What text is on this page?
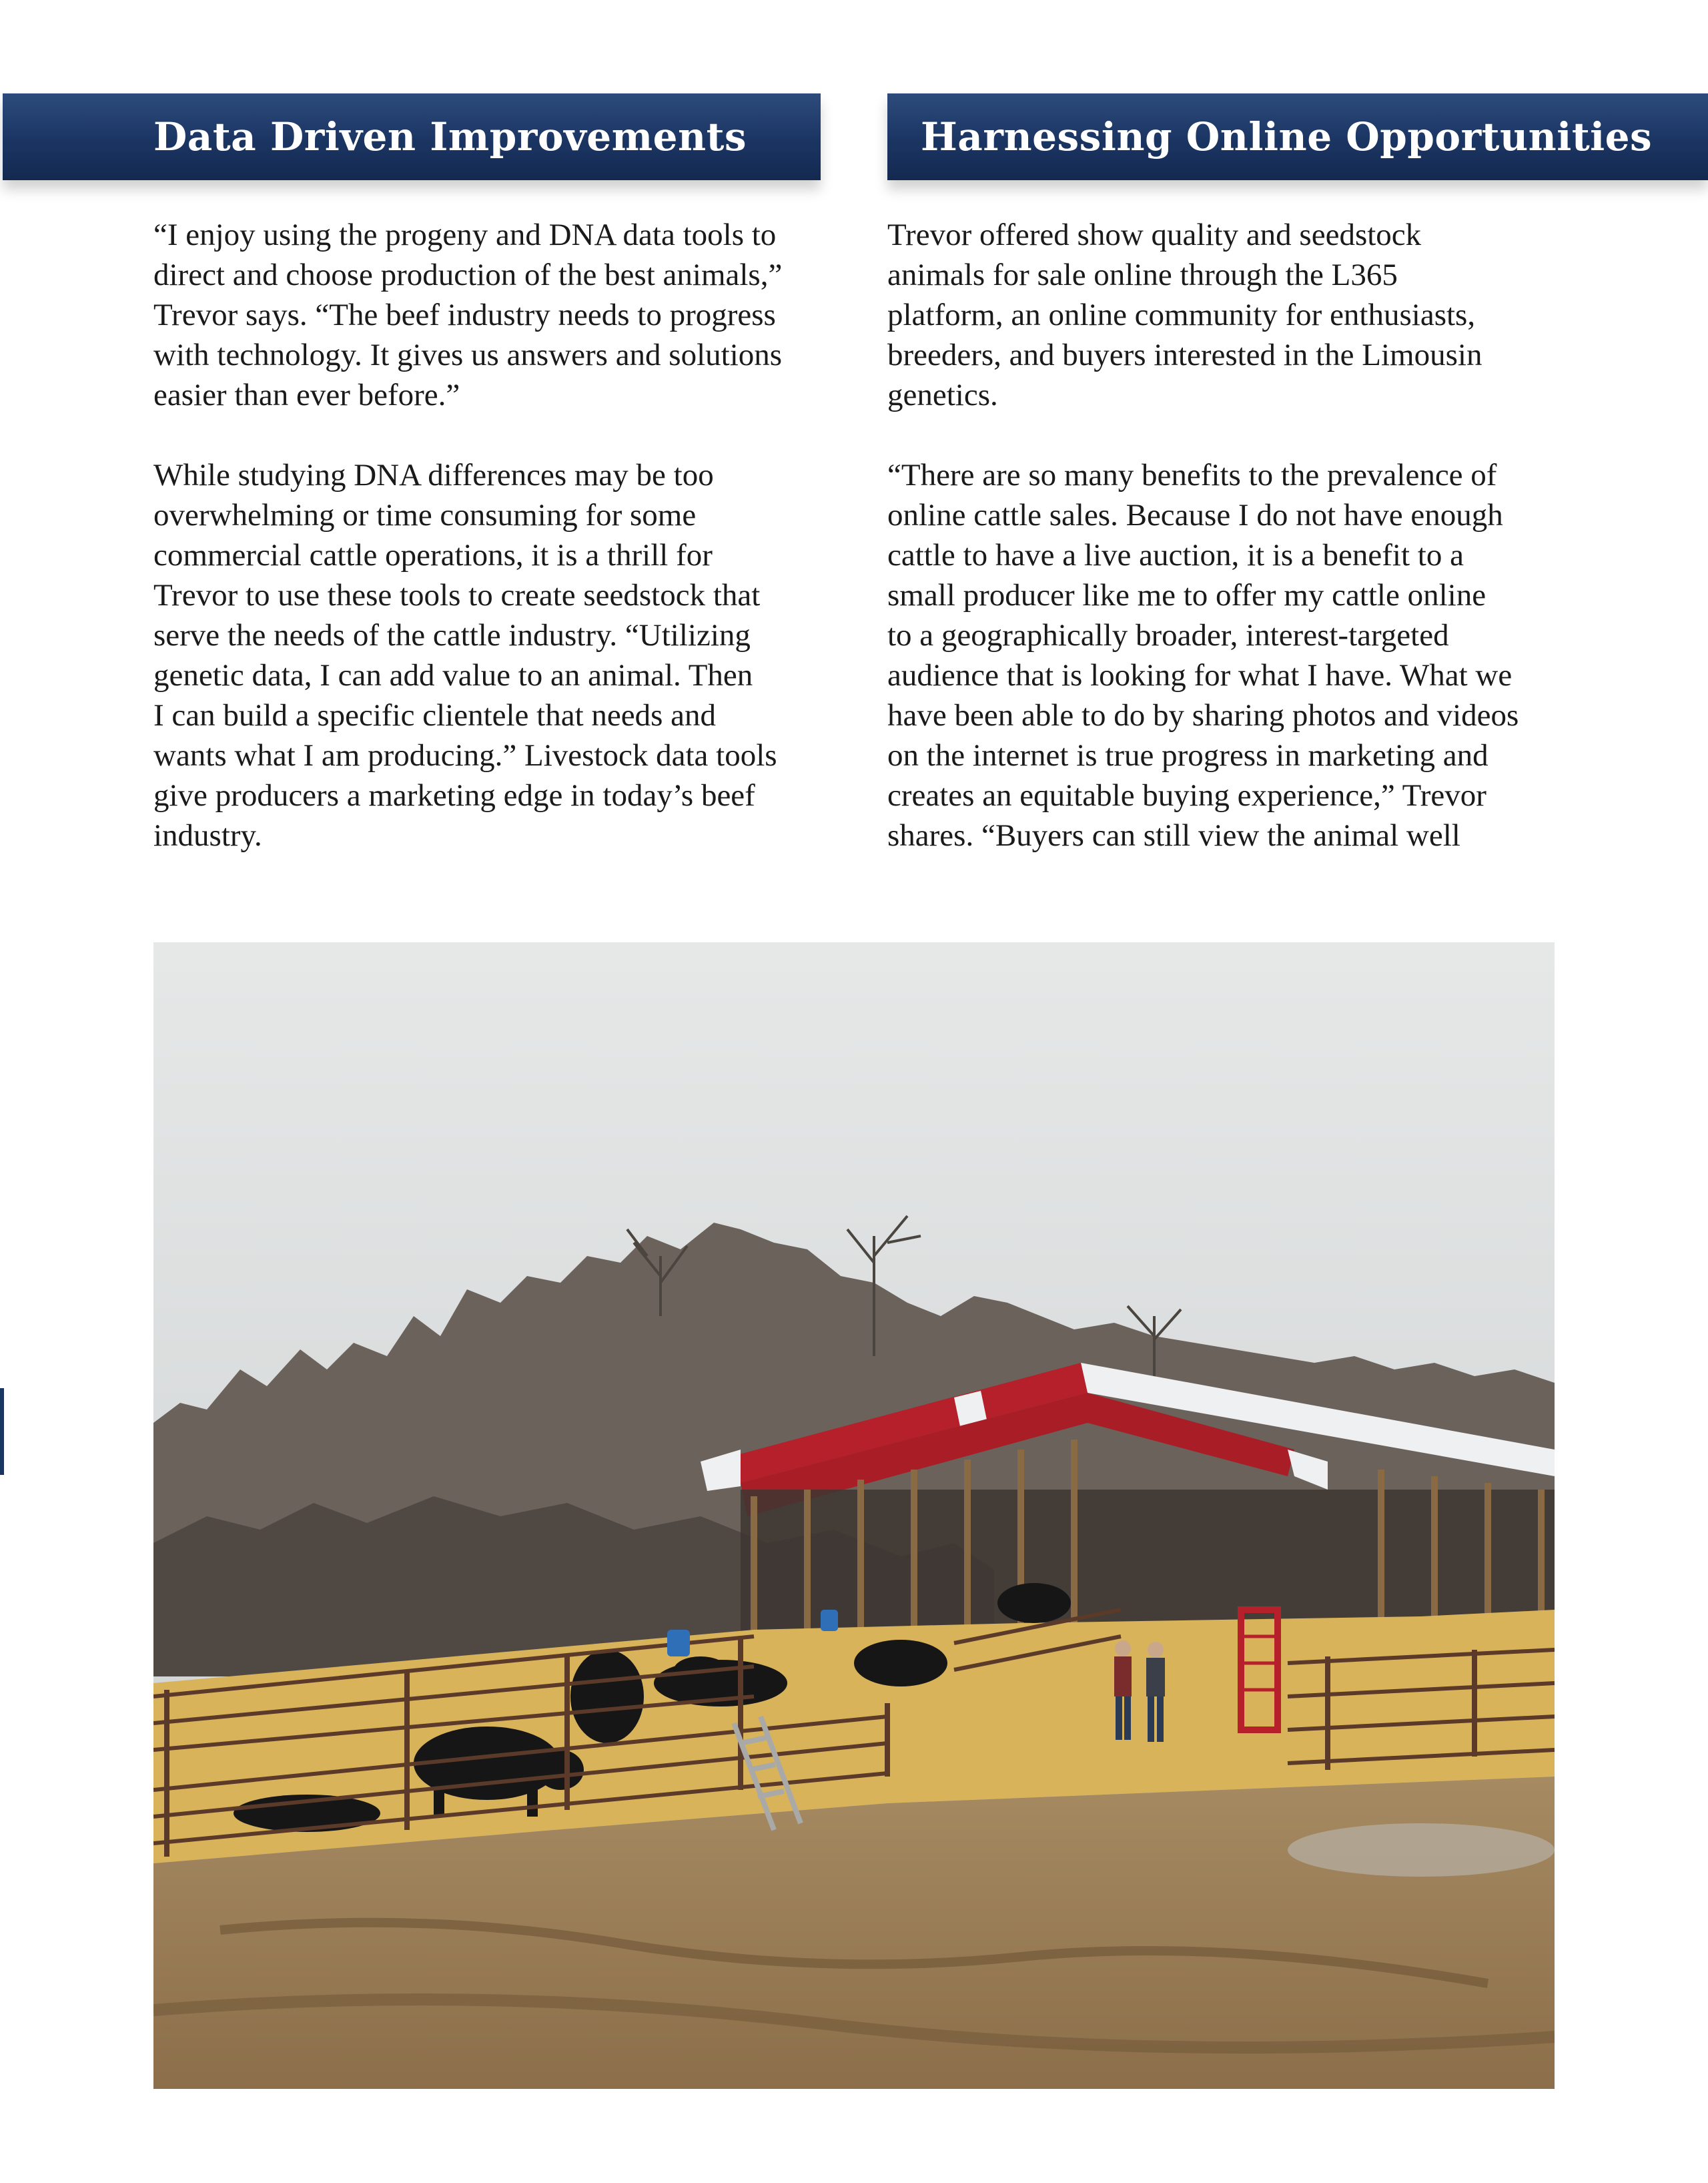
Data Driven Improvements	Harnessing Online Opportunities

“I enjoy using the progeny and DNA data tools to
direct and choose production of the best animals,”
Trevor says. “The beef industry needs to progress
with technology. It gives us answers and solutions
easier than ever before.”

While studying DNA differences may be too
overwhelming or time consuming for some
commercial cattle operations, it is a thrill for
Trevor to use these tools to create seedstock that
serve the needs of the cattle industry. “Utilizing
genetic data, I can add value to an animal. Then
I can build a specific clientele that needs and
wants what I am producing.” Livestock data tools
give producers a marketing edge in today’s beef
industry.

Trevor offered show quality and seedstock
animals for sale online through the L365
platform, an online community for enthusiasts,
breeders, and buyers interested in the Limousin
genetics.

“There are so many benefits to the prevalence of
online cattle sales. Because I do not have enough
cattle to have a live auction, it is a benefit to a
small producer like me to offer my cattle online
to a geographically broader, interest-targeted
audience that is looking for what I have. What we
have been able to do by sharing photos and videos
on the internet is true progress in marketing and
creates an equitable buying experience,” Trevor
shares. “Buyers can still view the animal well
